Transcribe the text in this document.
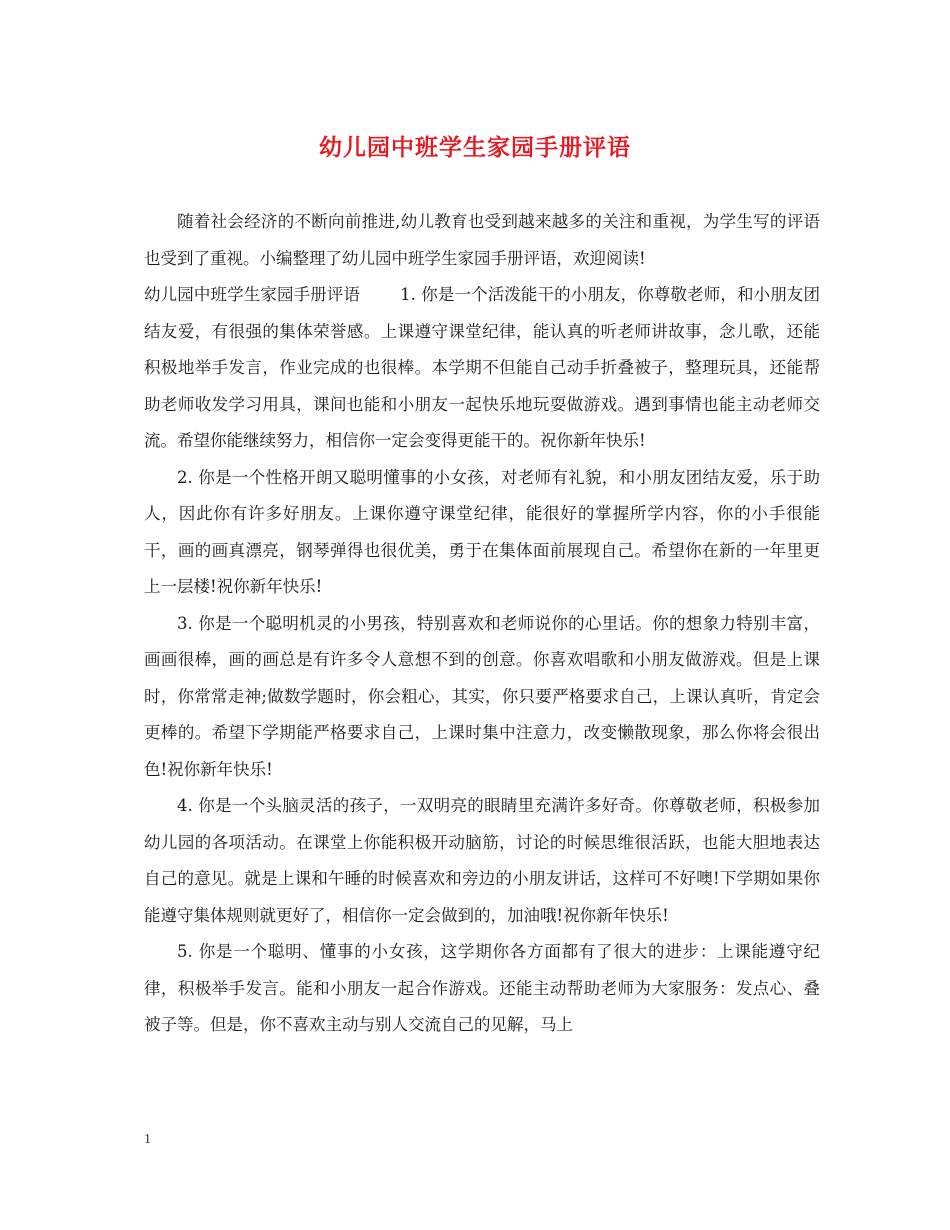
幼儿园中班学生家园手册评语

随着社会经济的不断向前推进,幼儿教育也受到越来越多的关注和重视，为学生写的评语也受到了重视。小编整理了幼儿园中班学生家园手册评语，欢迎阅读!

幼儿园中班学生家园手册评语 1. 你是一个活泼能干的小朋友，你尊敬老师，和小朋友团结友爱，有很强的集体荣誉感。上课遵守课堂纪律，能认真的听老师讲故事，念儿歌，还能积极地举手发言，作业完成的也很棒。本学期不但能自己动手折叠被子，整理玩具，还能帮助老师收发学习用具，课间也能和小朋友一起快乐地玩耍做游戏。遇到事情也能主动老师交流。希望你能继续努力，相信你一定会变得更能干的。祝你新年快乐!

2. 你是一个性格开朗又聪明懂事的小女孩，对老师有礼貌，和小朋友团结友爱，乐于助人，因此你有许多好朋友。上课你遵守课堂纪律，能很好的掌握所学内容，你的小手很能干，画的画真漂亮，钢琴弹得也很优美，勇于在集体面前展现自己。希望你在新的一年里更上一层楼!祝你新年快乐!

3. 你是一个聪明机灵的小男孩，特别喜欢和老师说你的心里话。你的想象力特别丰富，画画很棒，画的画总是有许多令人意想不到的创意。你喜欢唱歌和小朋友做游戏。但是上课时，你常常走神;做数学题时，你会粗心，其实，你只要严格要求自己，上课认真听，肯定会更棒的。希望下学期能严格要求自己，上课时集中注意力，改变懒散现象，那么你将会很出色!祝你新年快乐!

4. 你是一个头脑灵活的孩子，一双明亮的眼睛里充满许多好奇。你尊敬老师，积极参加幼儿园的各项活动。在课堂上你能积极开动脑筋，讨论的时候思维很活跃，也能大胆地表达自己的意见。就是上课和午睡的时候喜欢和旁边的小朋友讲话，这样可不好噢!下学期如果你能遵守集体规则就更好了，相信你一定会做到的，加油哦!祝你新年快乐!

5. 你是一个聪明、懂事的小女孩，这学期你各方面都有了很大的进步：上课能遵守纪律，积极举手发言。能和小朋友一起合作游戏。还能主动帮助老师为大家服务：发点心、叠被子等。但是，你不喜欢主动与别人交流自己的见解，马上

1
